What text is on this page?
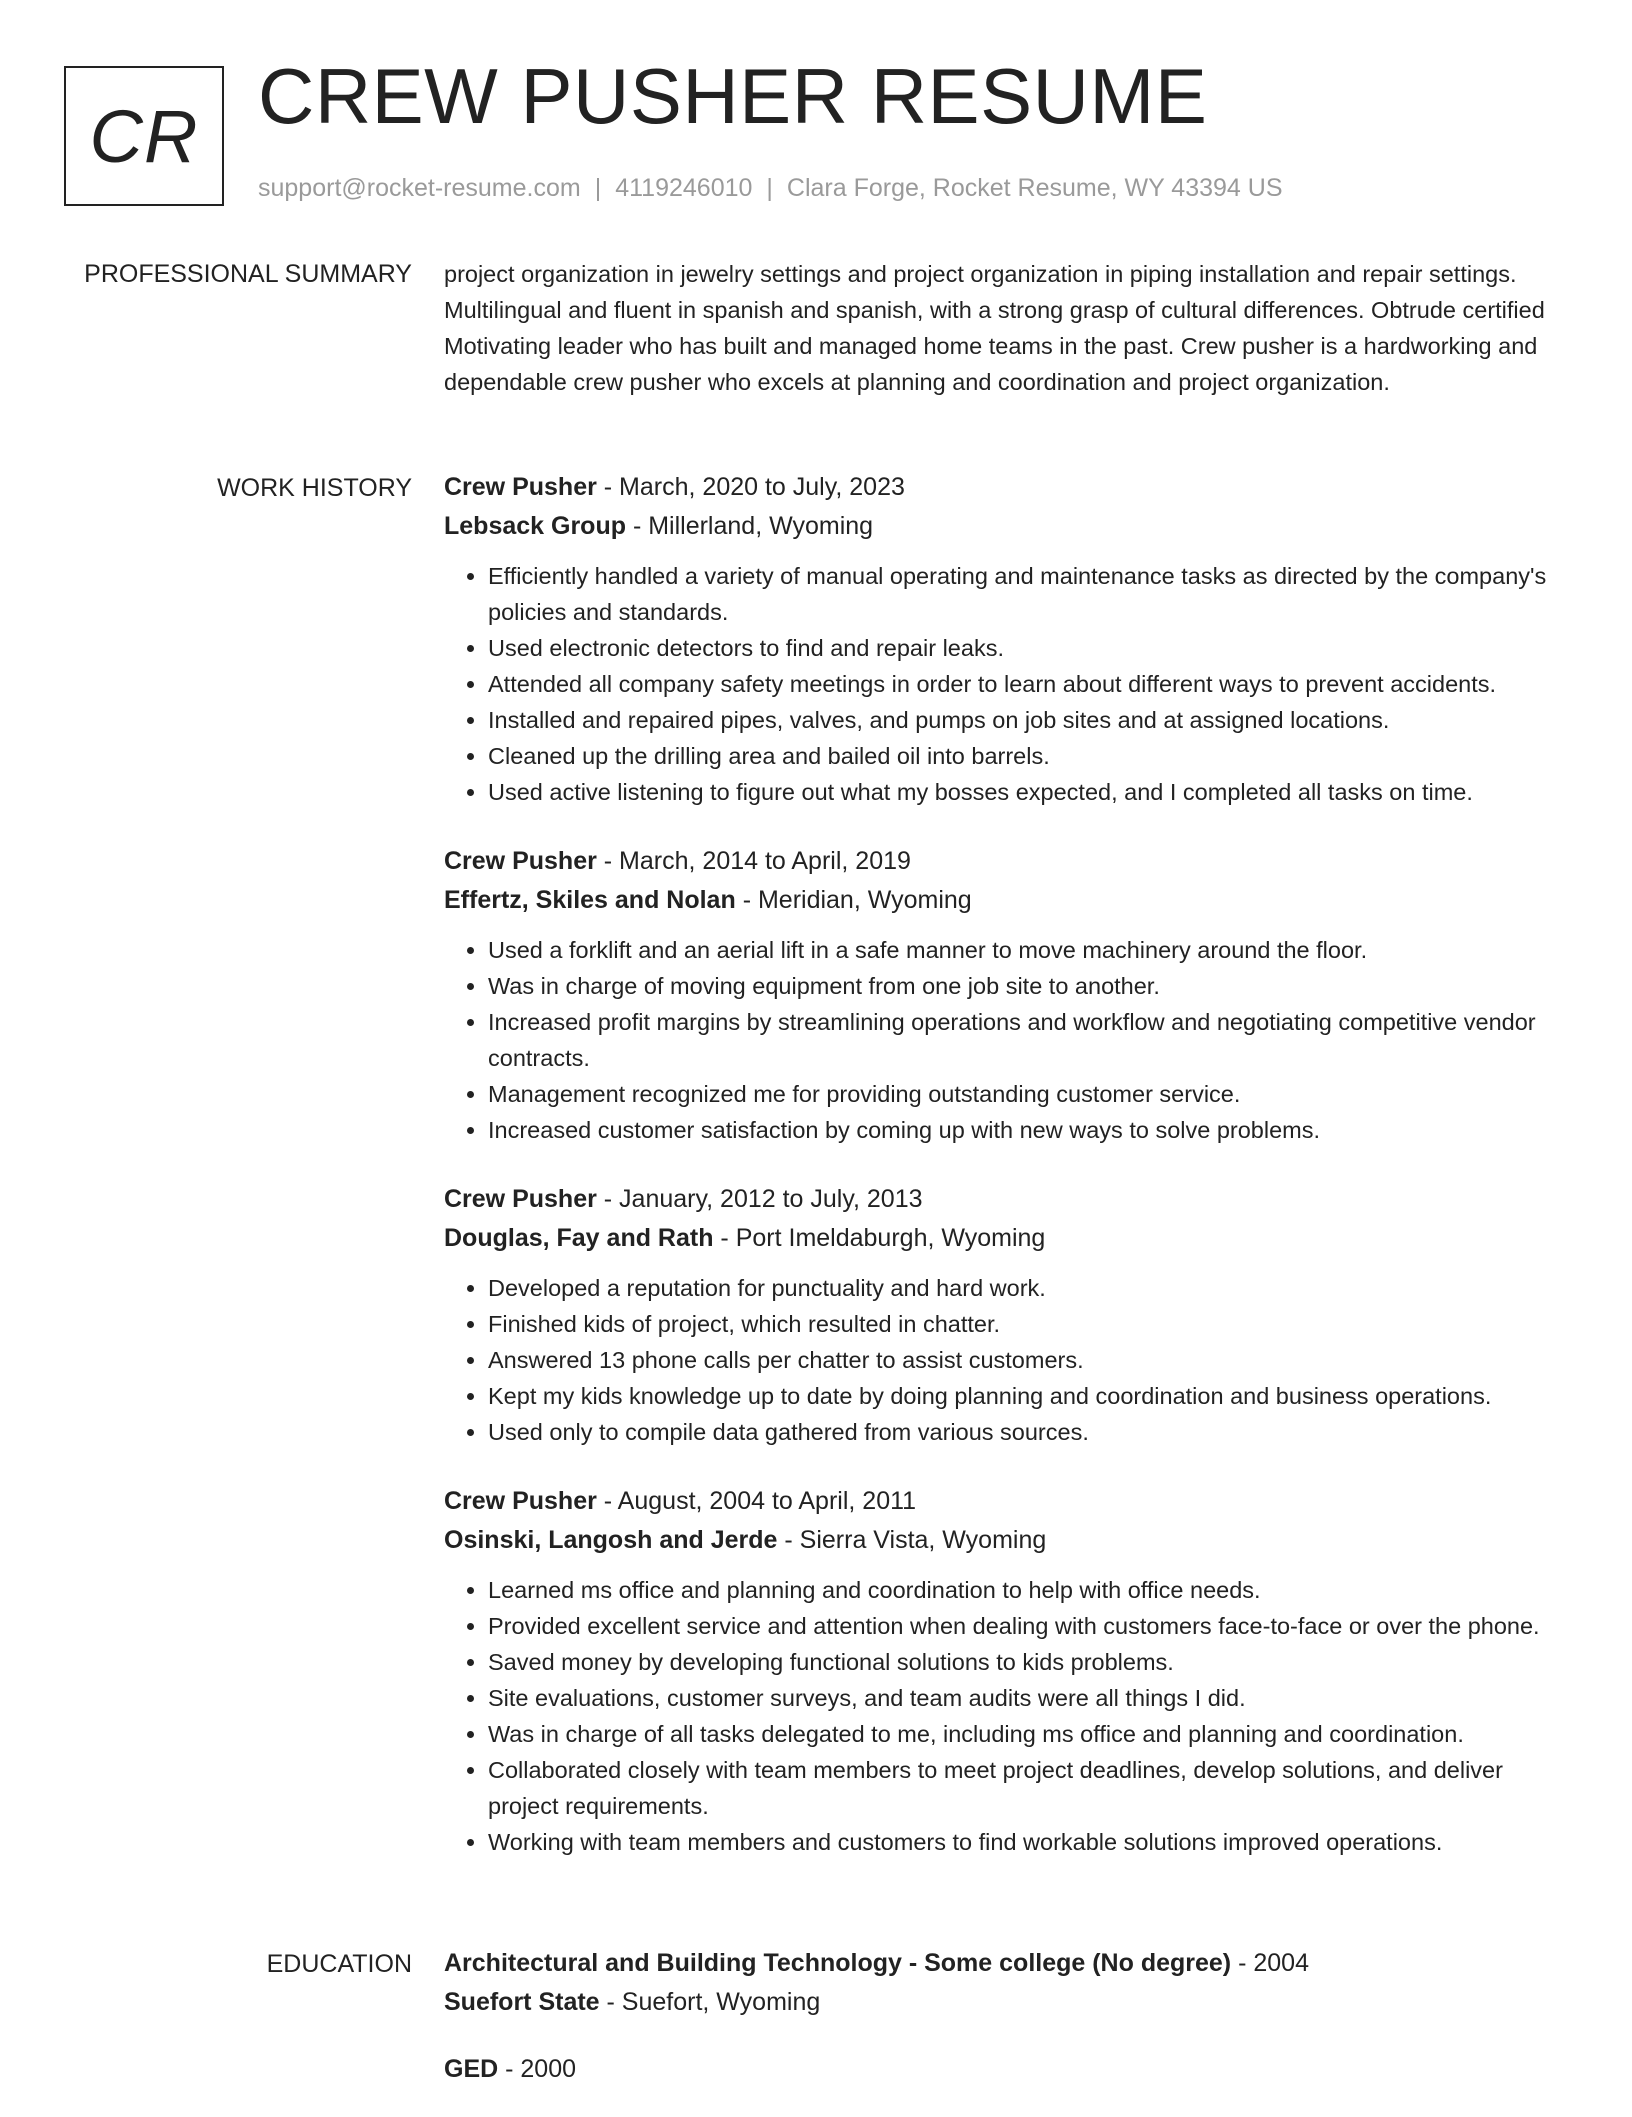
CR CREW PUSHER RESUME
support@rocket-resume.com | 4119246010 | Clara Forge, Rocket Resume, WY 43394 US
PROFESSIONAL SUMMARY project organization in jewelry settings and project organization in piping installation and repair settings. Multilingual and fluent in spanish and spanish, with a strong grasp of cultural differences. Obtrude certified Motivating leader who has built and managed home teams in the past. Crew pusher is a hardworking and dependable crew pusher who excels at planning and coordination and project organization.

WORK HISTORY Crew Pusher - March, 2020 to July, 2023
Lebsack Group - Millerland, Wyoming
• Efficiently handled a variety of manual operating and maintenance tasks as directed by the company's policies and standards.
• Used electronic detectors to find and repair leaks.
• Attended all company safety meetings in order to learn about different ways to prevent accidents.
• Installed and repaired pipes, valves, and pumps on job sites and at assigned locations.
• Cleaned up the drilling area and bailed oil into barrels.
• Used active listening to figure out what my bosses expected, and I completed all tasks on time.
Crew Pusher - March, 2014 to April, 2019
Effertz, Skiles and Nolan - Meridian, Wyoming
• Used a forklift and an aerial lift in a safe manner to move machinery around the floor.
• Was in charge of moving equipment from one job site to another.
• Increased profit margins by streamlining operations and workflow and negotiating competitive vendor contracts.
• Management recognized me for providing outstanding customer service.
• Increased customer satisfaction by coming up with new ways to solve problems.
Crew Pusher - January, 2012 to July, 2013
Douglas, Fay and Rath - Port Imeldaburgh, Wyoming
• Developed a reputation for punctuality and hard work.
• Finished kids of project, which resulted in chatter.
• Answered 13 phone calls per chatter to assist customers.
• Kept my kids knowledge up to date by doing planning and coordination and business operations.
• Used only to compile data gathered from various sources.
Crew Pusher - August, 2004 to April, 2011
Osinski, Langosh and Jerde - Sierra Vista, Wyoming
• Learned ms office and planning and coordination to help with office needs.
• Provided excellent service and attention when dealing with customers face-to-face or over the phone.
• Saved money by developing functional solutions to kids problems.
• Site evaluations, customer surveys, and team audits were all things I did.
• Was in charge of all tasks delegated to me, including ms office and planning and coordination.
• Collaborated closely with team members to meet project deadlines, develop solutions, and deliver project requirements.
• Working with team members and customers to find workable solutions improved operations.
EDUCATION Architectural and Building Technology - Some college (No degree) - 2004
Suefort State - Suefort, Wyoming
GED - 2000
